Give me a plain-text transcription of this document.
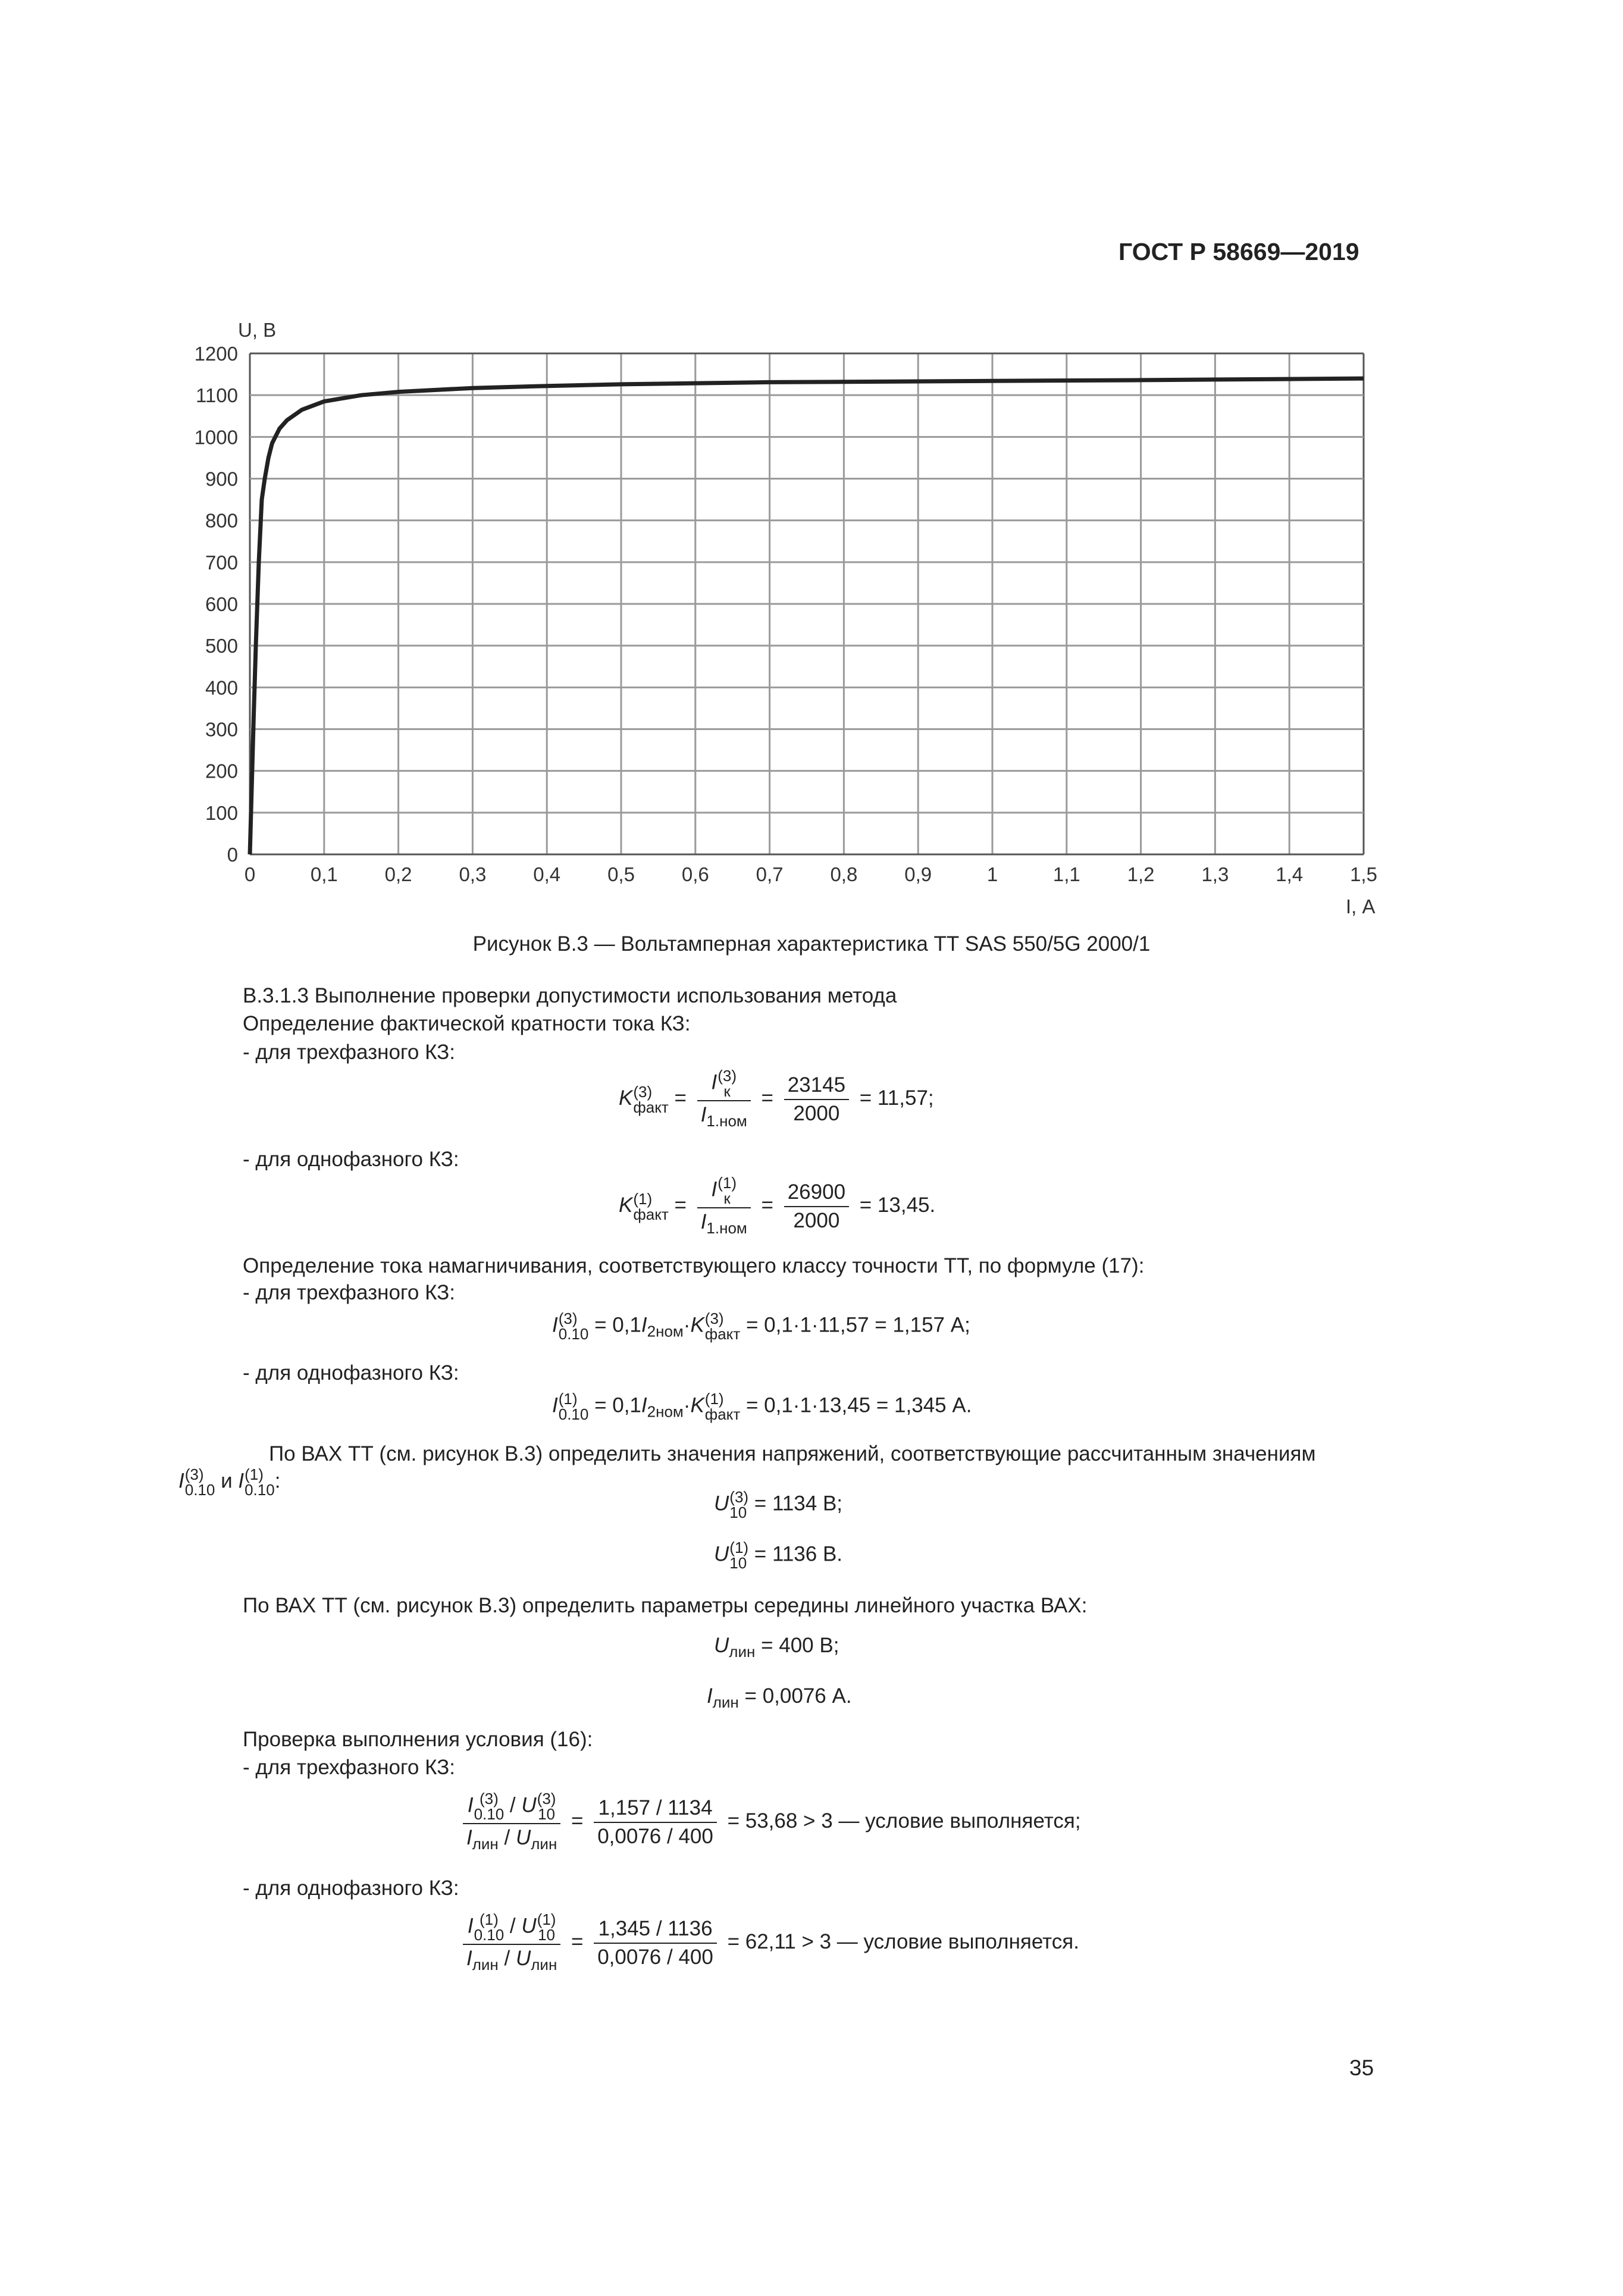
ГОСТ Р 58669—2019
0	0,1 0,2 0,3 0,4 0,5 0,6 0,7 0,8 0,9	1	1,1 1,2 1,3 1,4 1,5
0
100
200
300
400
500
600
700
800
900
1000
1100
1200
U, В
I, А
Рисунок В.3 — Вольтамперная характеристика ТТ SAS 550/5G 2000/1
В.3.1.3 Выполнение проверки допустимости использования метода
Определение фактической кратности тока КЗ:
- для трехфазного КЗ:
K (3)
факт = I (3)
к
$I_{1.ном} = \frac{23145}{2000} = 11,57$;
- для однофазного КЗ:
K (1)
факт = I (1)
к
$I_{1.ном} = \frac{26900}{2000} = 13,45$.
Определение тока намагничивания, соответствующего классу точности ТТ, по формуле (17):
- для трехфазного КЗ:
I (3)
$0.10 = 0,1I_{2ном}\cdot K$ (3)
факт = 0,1·1·11,57 = 1,157 А;
- для однофазного КЗ:
I (1)
$0.10 = 0,1I_{2ном}\cdot K$ (1)
факт = 0,1·1·13,45 = 1,345 А.
По ВАХ ТТ (см. рисунок В.3) определить значения напряжений, соответствующие рассчитанным значениям
I (3)
0.10 и I (1)
0.10 :
U (3)
10 = 1134 В;
U (1)
10 = 1136 В.
По ВАХ ТТ (см. рисунок В.3) определить параметры середины линейного участка ВАХ:
$U_{лин} = 400$ В;
$I_{лин} = 0,0076$ А.
Проверка выполнения условия (16):
- для трехфазного КЗ:
I (3)
0.10 / U (3)
10
$I_{лин} / U_{лин} = \frac{1,157 / 1134}{0,0076 / 400} = 53,68 > 3$ — условие выполняется;
- для однофазного КЗ:
I (1)
0.10 / U (1)
10
$I_{лин} / U_{лин} = \frac{1,345 / 1136}{0,0076 / 400} = 62,11 > 3$ — условие выполняется.
35
